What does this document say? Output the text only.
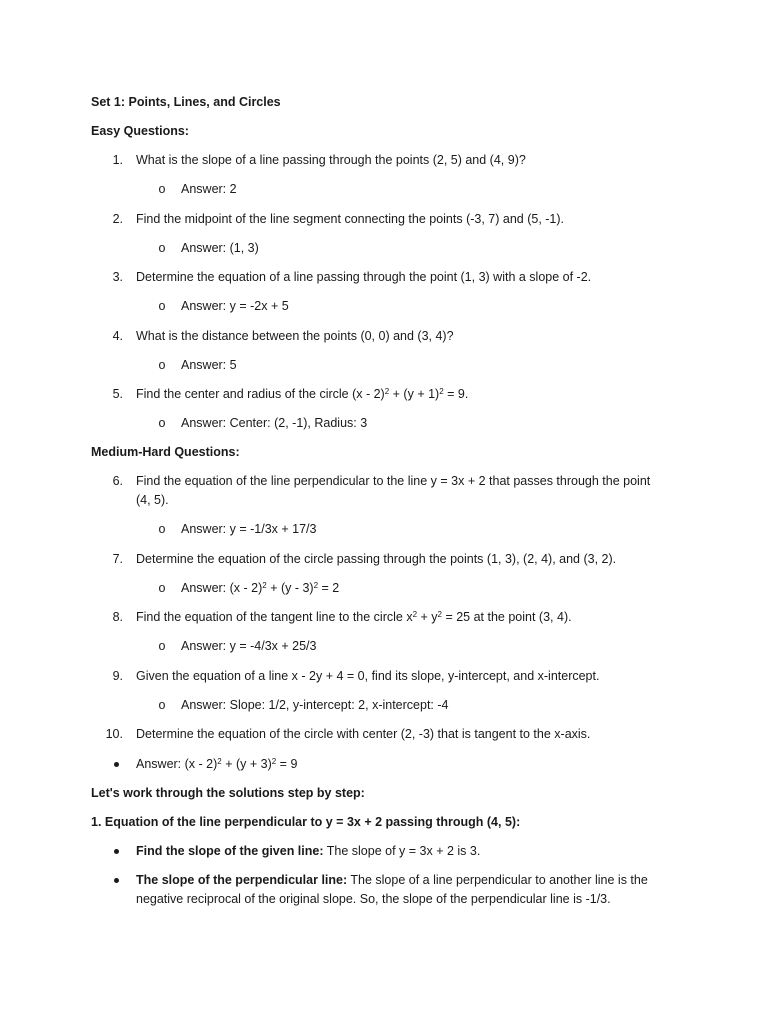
Set 1: Points, Lines, and Circles
Easy Questions:
1. What is the slope of a line passing through the points (2, 5) and (4, 9)?
o Answer: 2
2. Find the midpoint of the line segment connecting the points (-3, 7) and (5, -1).
o Answer: (1, 3)
3. Determine the equation of a line passing through the point (1, 3) with a slope of -2.
o Answer: y = -2x + 5
4. What is the distance between the points (0, 0) and (3, 4)?
o Answer: 5
5. Find the center and radius of the circle $(x - 2)^2 + (y + 1)^2 = 9$.
o Answer: Center: (2, -1), Radius: 3
Medium-Hard Questions:
6. Find the equation of the line perpendicular to the line y = 3x + 2 that passes through the point
(4, 5).
o Answer: y = -1/3x + 17/3
7. Determine the equation of the circle passing through the points (1, 3), (2, 4), and (3, 2).
o Answer: (x - 2)$^2$ + (y - 3)$^2$ = 2
8. Find the equation of the tangent line to the circle $x^2 + y^2 = 25$ at the point (3, 4).
o Answer: y = -4/3x + 25/3
9. Given the equation of a line x - 2y + 4 = 0, find its slope, y-intercept, and x-intercept.
o Answer: Slope: 1/2, y-intercept: 2, x-intercept: -4
10. Determine the equation of the circle with center (2, -3) that is tangent to the x-axis.
Answer: $(x - 2)^2 + (y + 3)^2 = 9$
Let's work through the solutions step by step:
1. Equation of the line perpendicular to y = 3x + 2 passing through (4, 5):
Find the slope of the given line: The slope of y = 3x + 2 is 3.
The slope of the perpendicular line: The slope of a line perpendicular to another line is the
negative reciprocal of the original slope. So, the slope of the perpendicular line is -1/3.
